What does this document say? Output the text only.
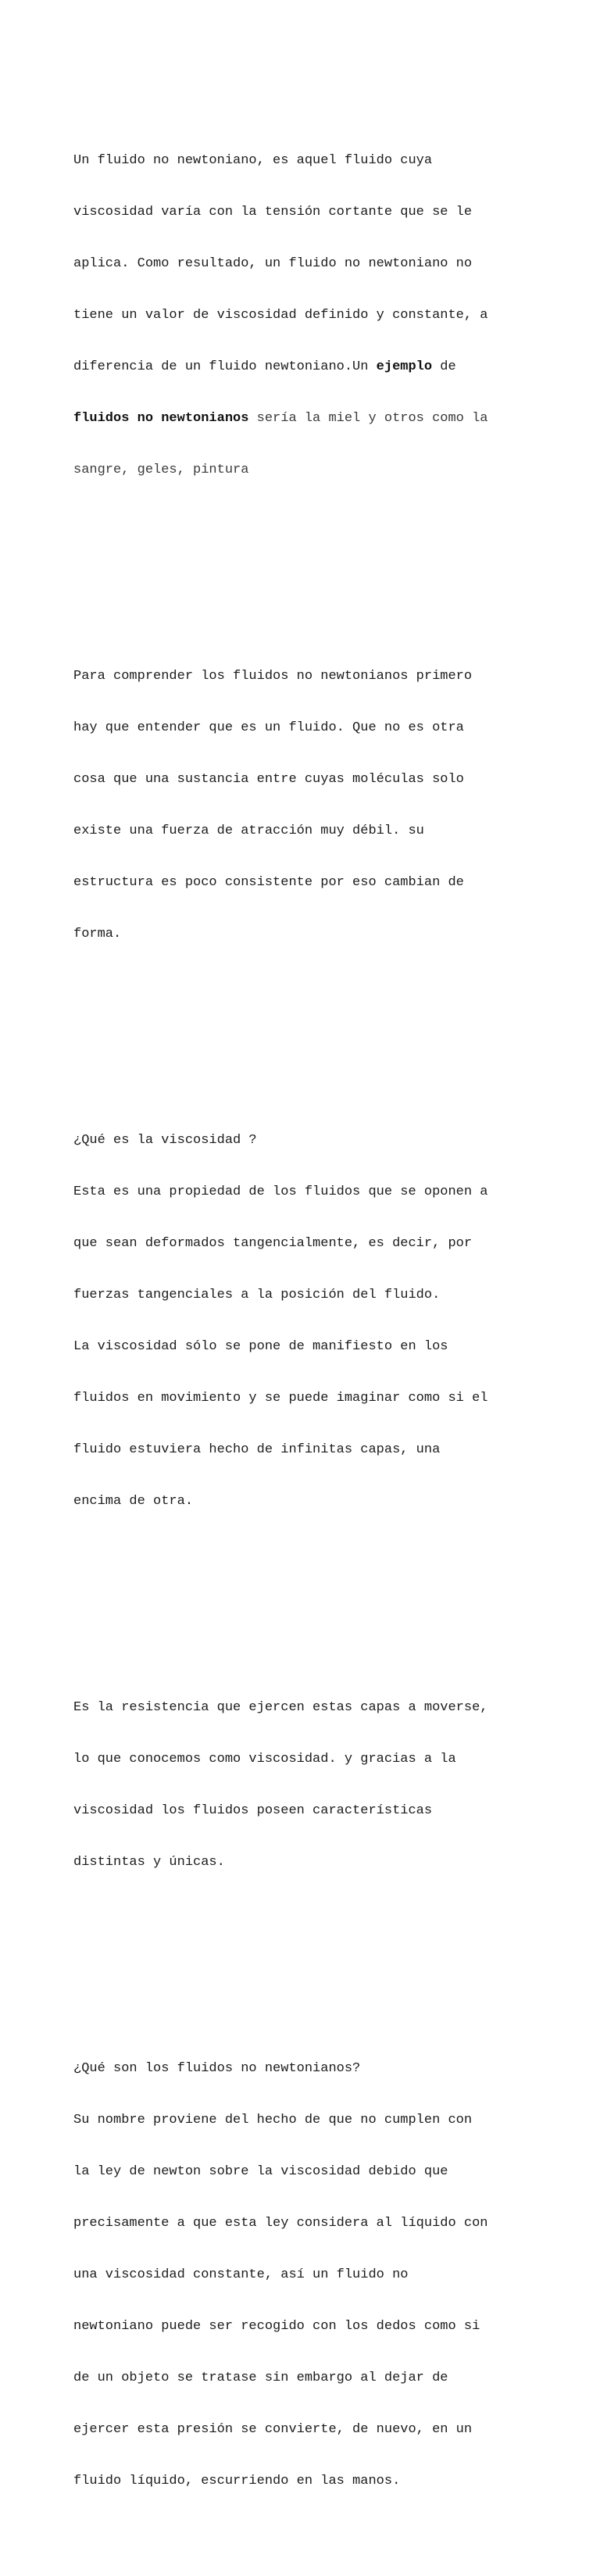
Un fluido no newtoniano, es aquel fluido cuya

viscosidad varía con la tensión cortante que se le

aplica. Como resultado, un fluido no newtoniano no

tiene un valor de viscosidad definido y constante, a

diferencia de un fluido newtoniano.Un ejemplo de

fluidos no newtonianos sería la miel y otros como la

sangre, geles, pintura

Para comprender los fluidos no newtonianos primero

hay que entender que es un fluido. Que no es otra

cosa que una sustancia entre cuyas moléculas solo

existe una fuerza de atracción muy débil. su

estructura es poco consistente por eso cambian de

forma.

¿Qué es la viscosidad ?

Esta es una propiedad de los fluidos que se oponen a

que sean deformados tangencialmente, es decir, por

fuerzas tangenciales a la posición del fluido.

La viscosidad sólo se pone de manifiesto en los

fluidos en movimiento y se puede imaginar como si el

fluido estuviera hecho de infinitas capas, una

encima de otra.

Es la resistencia que ejercen estas capas a moverse,

lo que conocemos como viscosidad. y gracias a la

viscosidad los fluidos poseen características

distintas y únicas.

¿Qué son los fluidos no newtonianos?

Su nombre proviene del hecho de que no cumplen con

la ley de newton sobre la viscosidad debido que

precisamente a que esta ley considera al líquido con

una viscosidad constante, así un fluido no

newtoniano puede ser recogido con los dedos como si

de un objeto se tratase sin embargo al dejar de

ejercer esta presión se convierte, de nuevo, en un

fluido líquido, escurriendo en las manos.
